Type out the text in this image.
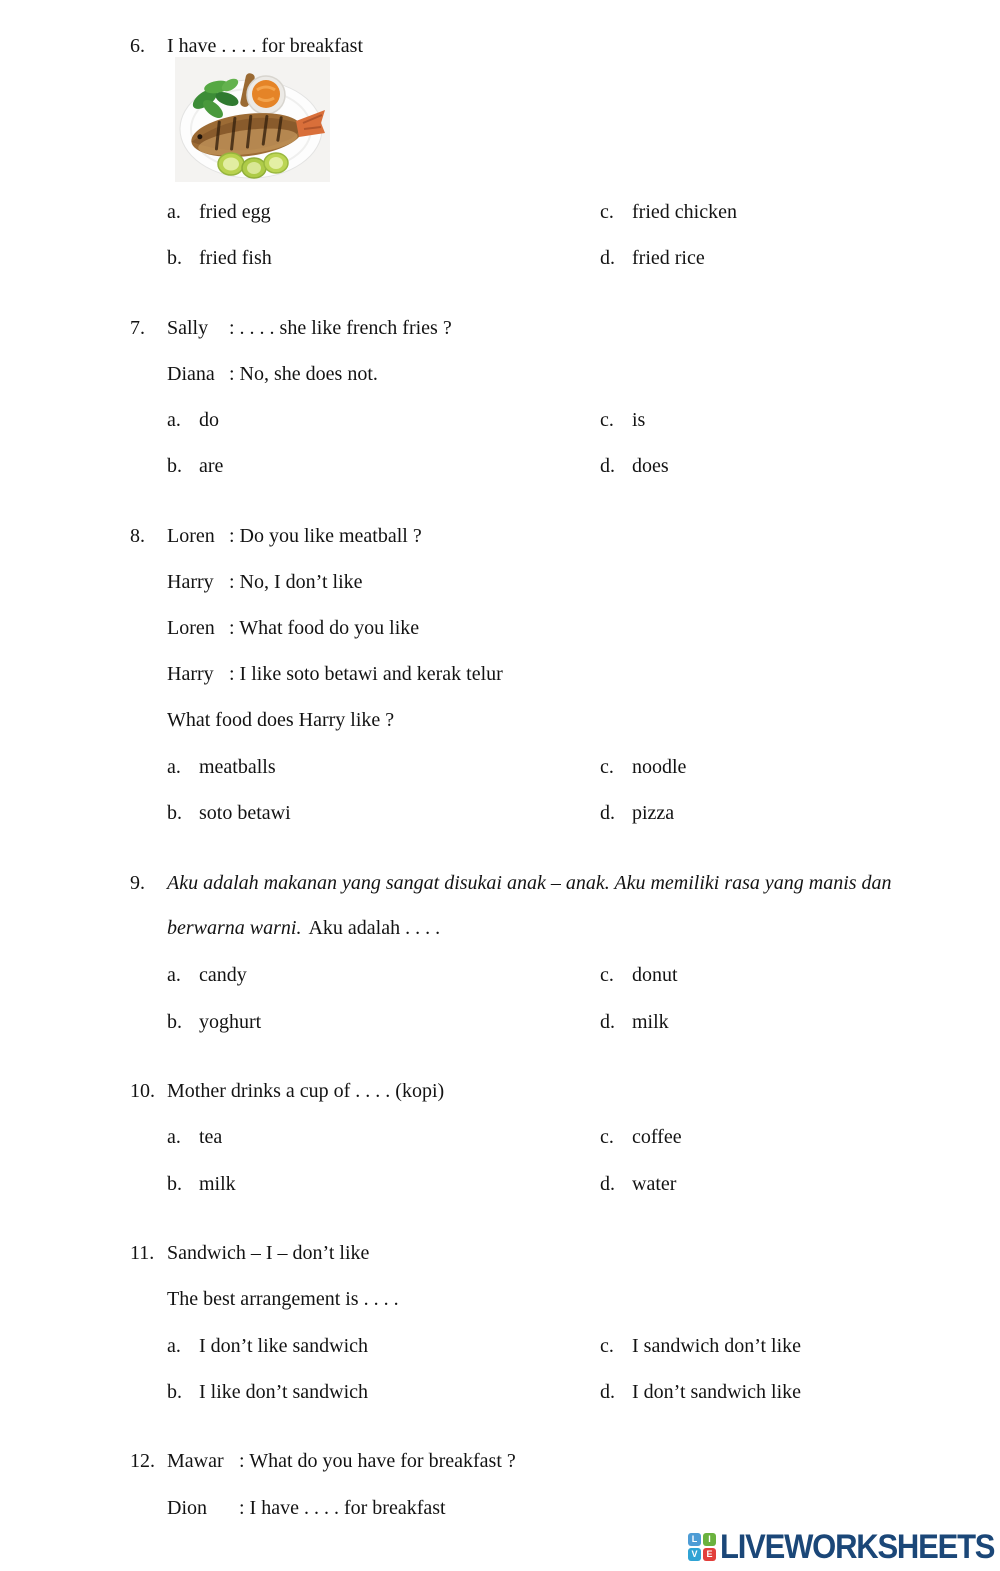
6. I have . . . . for breakfast
a. fried egg	c. fried chicken
b. fried fish	d. fried rice
7. Sally : . . . . she like french fries ?
Diana : No, she does not.
a. do	c. is
b. are	d. does
8. Loren : Do you like meatball ?
Harry : No, I don’t like
Loren : What food do you like
Harry : I like soto betawi and kerak telur
What food does Harry like ?
a. meatballs	c. noodle
b. soto betawi	d. pizza
9. Aku adalah makanan yang sangat disukai anak – anak. Aku memiliki rasa yang manis dan
berwarna warni. Aku adalah . . . .
a. candy	c. donut
b. yoghurt	d. milk
10. Mother drinks a cup of . . . . (kopi)
a. tea	c. coffee
b. milk	d. water
11. Sandwich – I – don’t like
The best arrangement is . . . .
a. I don’t like sandwich	c. I sandwich don’t like
b. I like don’t sandwich	d. I don’t sandwich like
12. Mawar : What do you have for breakfast ?
Dion : I have . . . . for breakfast
L	I
V E LIVEWORKSHEETS
